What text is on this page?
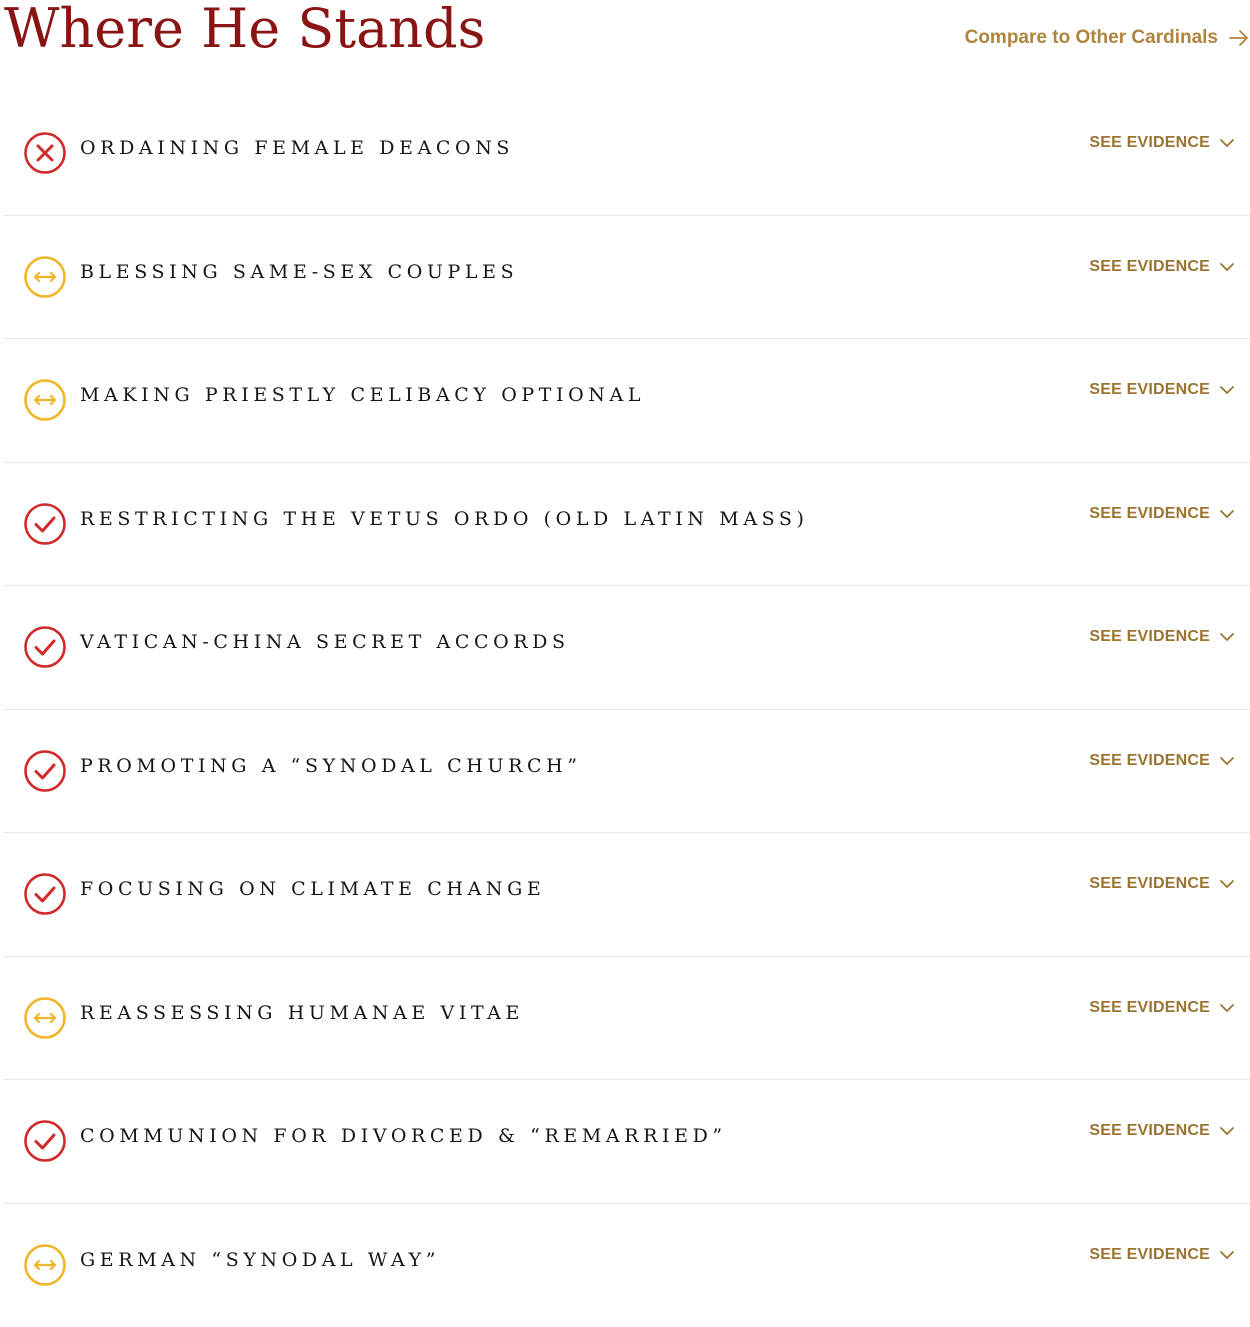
Where He Stands	Compare to Other Cardinals
ORDAINING FEMALE DEACONS	SEE EVIDENCE
BLESSING SAME-SEX COUPLES	SEE EVIDENCE
MAKING PRIESTLY CELIBACY OPTIONAL	SEE EVIDENCE
RESTRICTING THE VETUS ORDO (OLD LATIN MASS)	SEE EVIDENCE
VATICAN-CHINA SECRET ACCORDS	SEE EVIDENCE
PROMOTING A “SYNODAL CHURCH”	SEE EVIDENCE
FOCUSING ON CLIMATE CHANGE	SEE EVIDENCE
REASSESSING HUMANAE VITAE	SEE EVIDENCE
COMMUNION FOR DIVORCED & “REMARRIED”	SEE EVIDENCE
GERMAN “SYNODAL WAY”	SEE EVIDENCE
